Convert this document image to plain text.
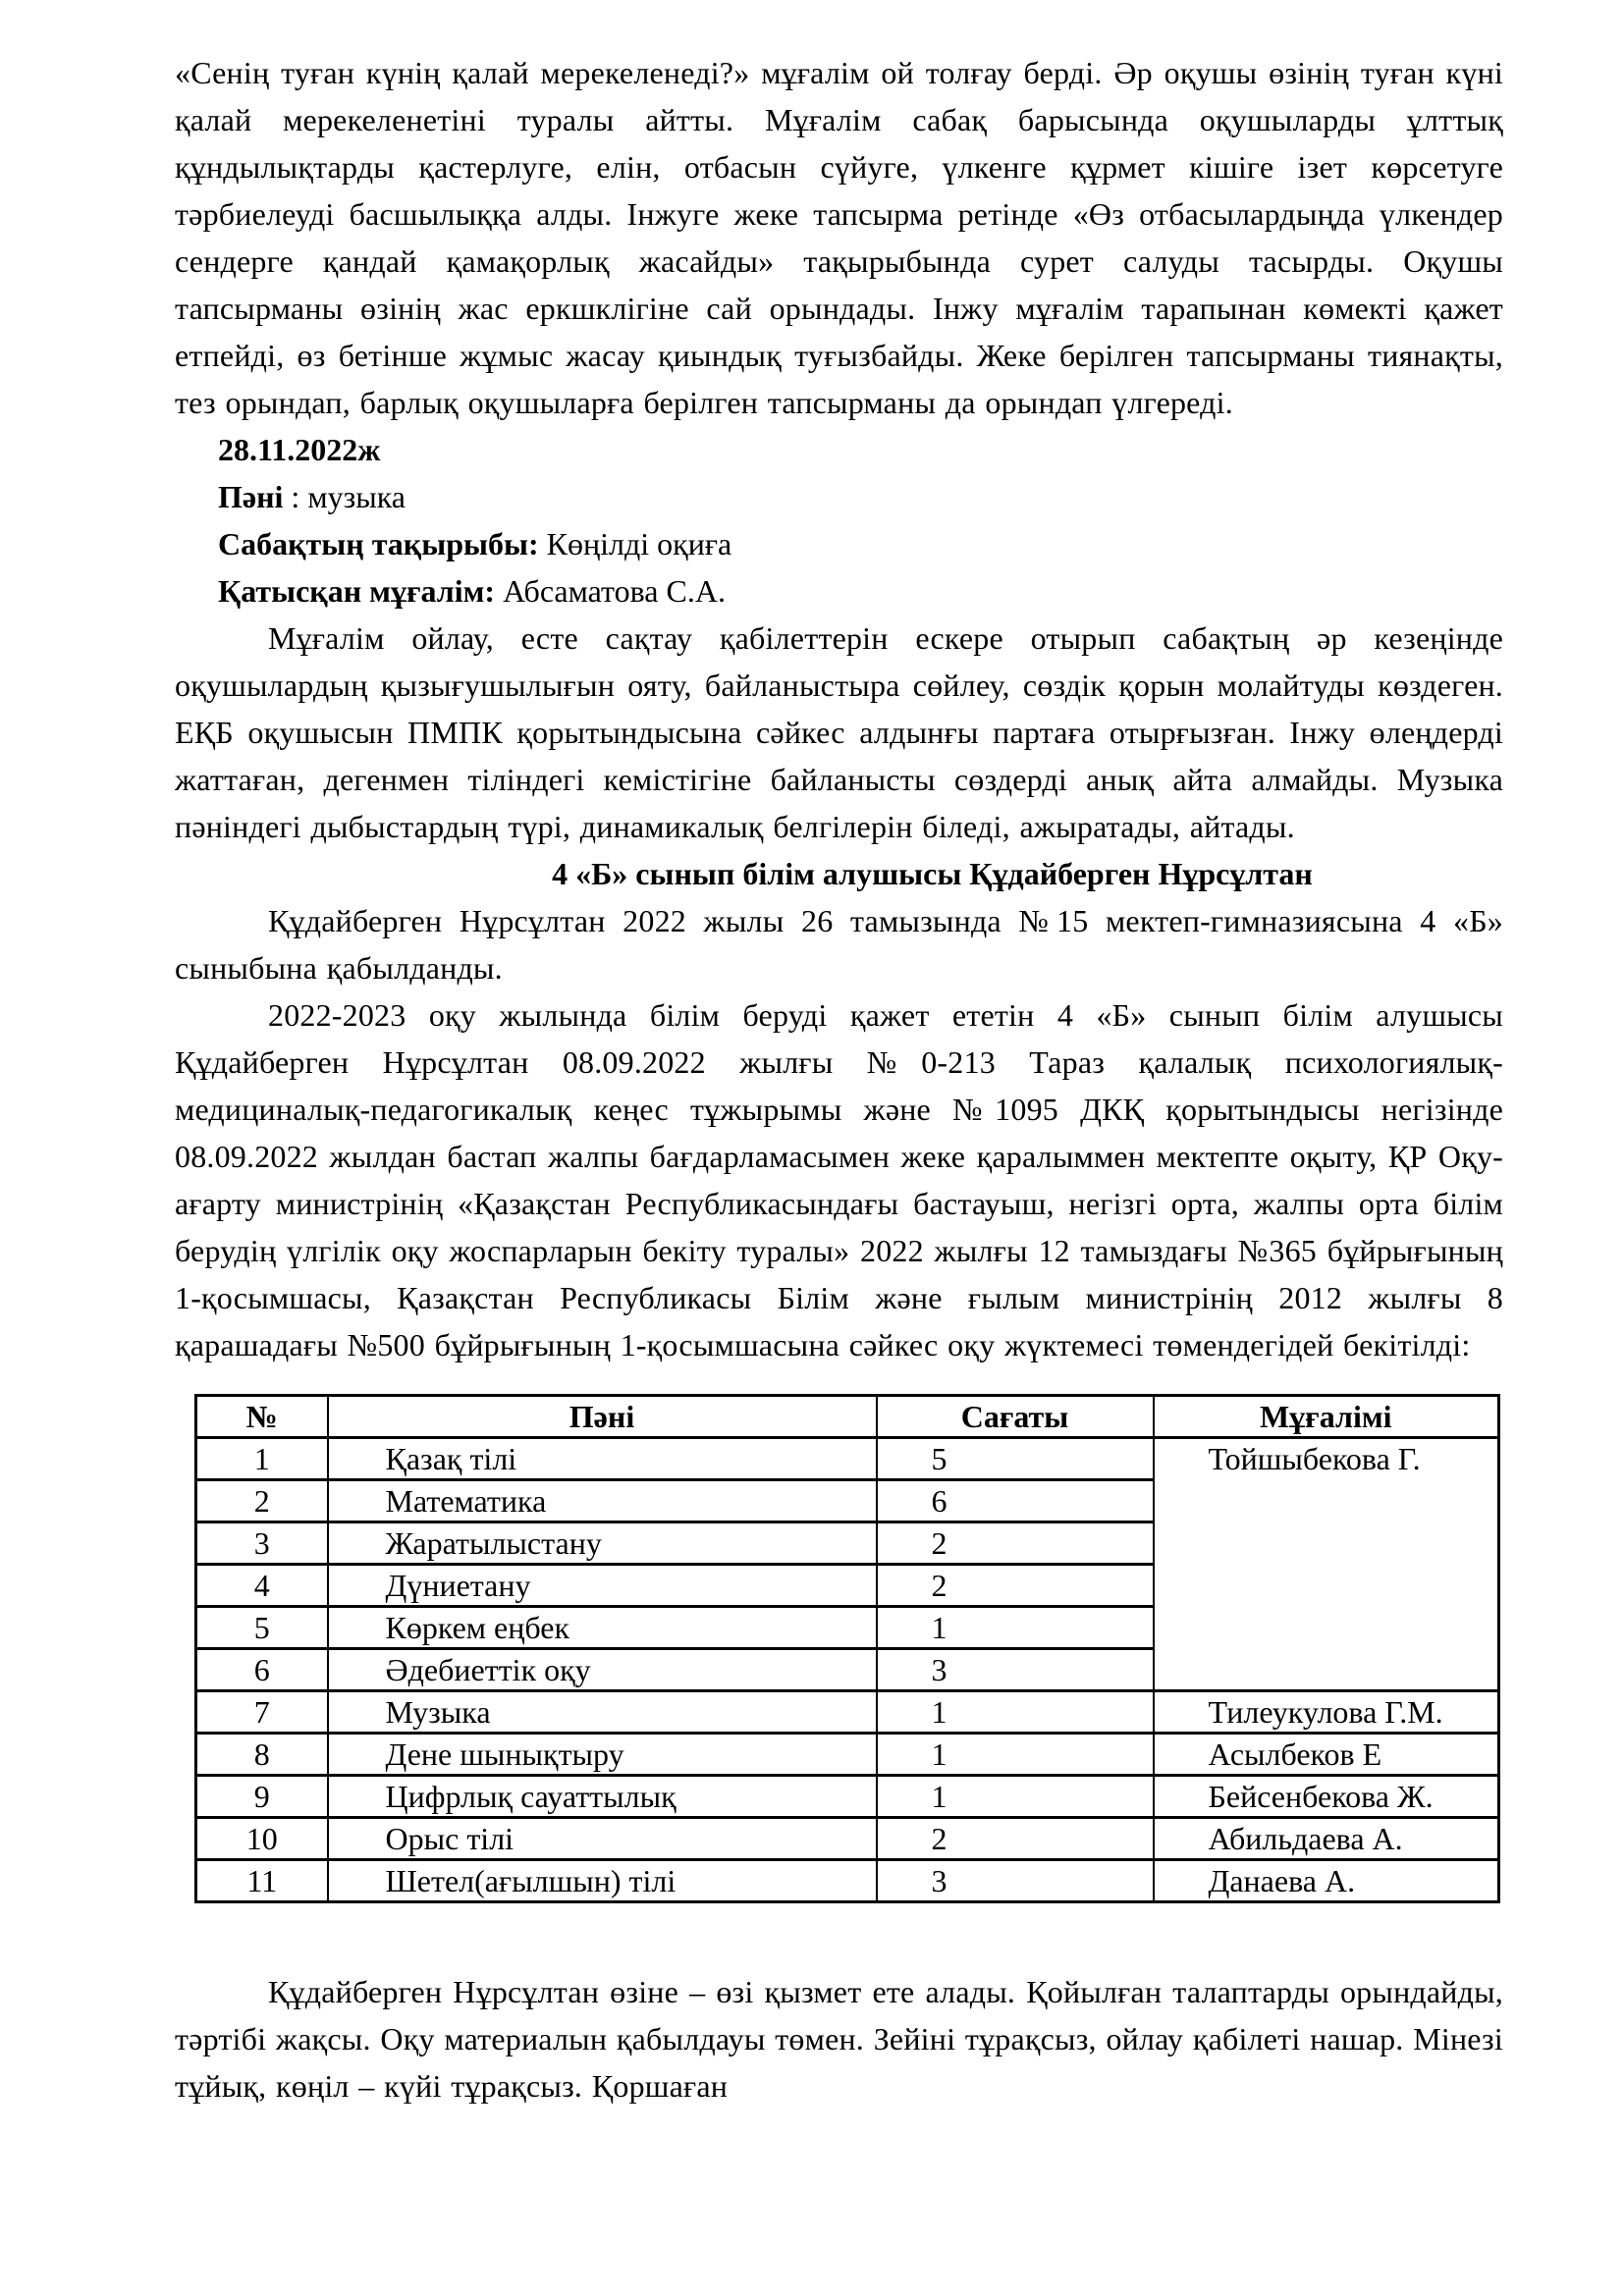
«Сенің туған күнің қалай мерекеленеді?» мұғалім ой толғау берді. Әр оқушы өзінің туған күні қалай мерекеленетіні туралы айтты. Мұғалім сабақ барысында оқушыларды ұлттық құндылықтарды қастерлуге, елін, отбасын сүйуге, үлкенге құрмет кішіге ізет көрсетуге тәрбиелеуді басшылыққа алды. Інжуге жеке тапсырма ретінде «Өз отбасылардыңда үлкендер сендерге қандай қамақорлық жасайды» тақырыбында сурет салуды тасырды. Оқушы тапсырманы өзінің жас еркшклігіне сай орындады. Інжу мұғалім тарапынан көмекті қажет етпейді, өз бетінше жұмыс жасау қиындық туғызбайды. Жеке берілген тапсырманы тиянақты, тез орындап, барлық оқушыларға берілген тапсырманы да орындап үлгереді.

28.11.2022ж

Пәні : музыка

Сабақтың тақырыбы: Көңілді оқиға

Қатысқан мұғалім: Абсаматова С.А.

Мұғалім ойлау, есте сақтау қабілеттерін ескере отырып сабақтың әр кезеңінде оқушылардың қызығушылығын ояту, байланыстыра сөйлеу, сөздік қорын молайтуды көздеген. ЕҚБ оқушысын ПМПК қорытындысына сәйкес алдынғы партаға отырғызған. Інжу өлеңдерді жаттаған, дегенмен тіліндегі кемістігіне байланысты сөздерді анық айта алмайды. Музыка пәніндегі дыбыстардың түрі, динамикалық белгілерін біледі, ажыратады, айтады.

4 «Б» сынып білім алушысы Құдайберген Нұрсұлтан

Құдайберген Нұрсұлтан 2022 жылы 26 тамызында №15 мектеп-гимназиясына 4 «Б» сыныбына қабылданды.

2022-2023 оқу жылында білім беруді қажет ететін 4 «Б» сынып білім алушысы Құдайберген Нұрсұлтан 08.09.2022 жылғы №0-213 Тараз қалалық психологиялық-медициналық-педагогикалық кеңес тұжырымы және №1095 ДКҚ қорытындысы негізінде 08.09.2022 жылдан бастап жалпы бағдарламасымен жеке қаралыммен мектепте оқыту, ҚР Оқу-ағарту министрінің «Қазақстан Республикасындағы бастауыш, негізгі орта, жалпы орта білім берудің үлгілік оқу жоспарларын бекіту туралы» 2022 жылғы 12 тамыздағы №365 бұйрығының 1-қосымшасы, Қазақстан Республикасы Білім және ғылым министрінің 2012 жылғы 8 қарашадағы №500 бұйрығының 1-қосымшасына сәйкес оқу жүктемесі төмендегідей бекітілді:

№	Пәні	Сағаты	Мұғалімі
1	Қазақ тілі	5	Тойшыбекова Г.
2	Математика	6	
3	Жаратылыстану	2	
4	Дүниетану	2	
5	Көркем еңбек	1	
6	Әдебиеттік оқу	3	
7	Музыка	1	Тилеукулова Г.М.
8	Дене шынықтыру	1	Асылбеков Е
9	Цифрлық сауаттылық	1	Бейсенбекова Ж.
10	Орыс тілі	2	Абильдаева А.
11	Шетел(ағылшын) тілі	3	Данаева А.

Құдайберген Нұрсұлтан өзіне – өзі қызмет ете алады. Қойылған талаптарды орындайды, тәртібі жақсы. Оқу материалын қабылдауы төмен. Зейіні тұрақсыз, ойлау қабілеті нашар. Мінезі тұйық, көңіл – күйі тұрақсыз. Қоршаған
